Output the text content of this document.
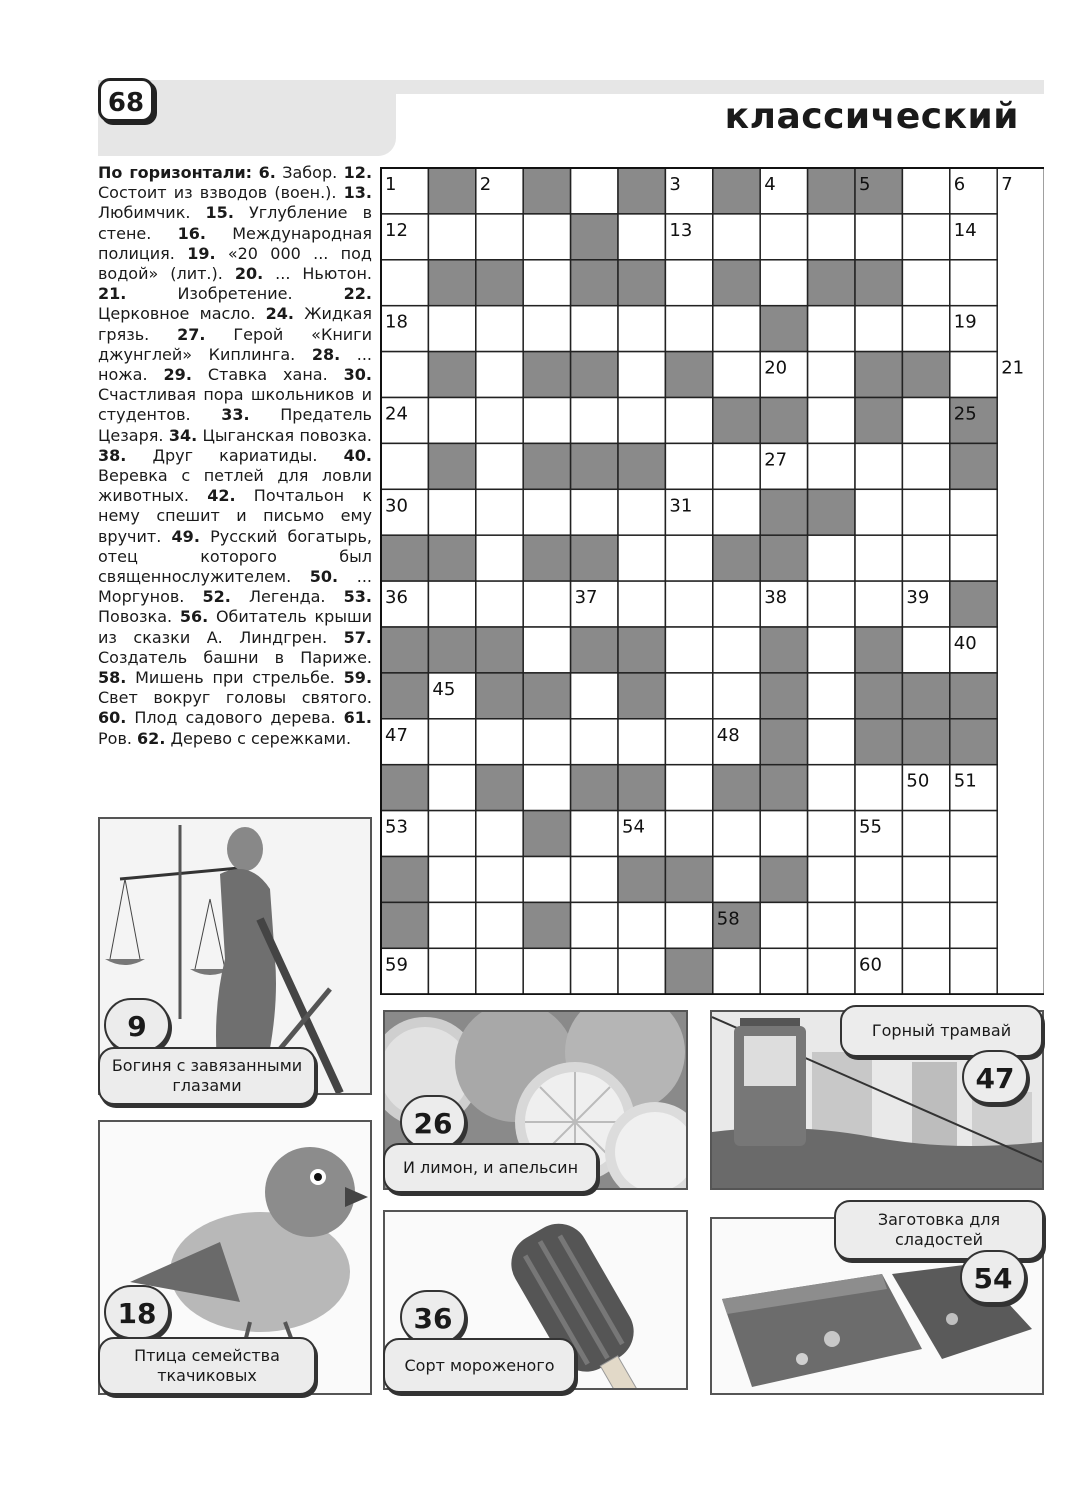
68	классический
По горизонтали: 6. Забор. 12. Состоит из взводов (воен.). 13. Любимчик. 15. Углубление в стене. 16. Международная полиция. 19. «20 000 ... под водой» (лит.). 20. ... Ньютон. 21. Изобретение.	22. Церковное масло. 24. Жидкая грязь. 27. Герой «Книги джунглей» Киплинга. 28. ... ножа. 29. Ставка хана. 30. Счастливая пора школьников и студентов. 33. Предатель Цезаря. 34. Цыганская повозка. 38. Друг кариатиды. 40. Веревка с петлей для ловли животных. 42. Почтальон к нему спешит и письмо ему вручит. 49. Русский богатырь, отец которого был священнослужителем. 50. ... Моргунов. 52. Легенда. 53. Повозка. 56. Обитатель крыши из сказки А. Линдгрен. 57. Создатель башни в Париже. 58. Мишень при стрельбе. 59. Свет вокруг головы святого. 60. Плод садового дерева. 61. Ров. 62. Дерево с сережками.
1	2	3	4	5	6 7
12	13	14
18	19
20	21
24	25
27
30	31
36	37	38	39
40
45
47	48
50 51
53	54	55
58
59	60
9
Богиня с завязанными глазами
26
И лимон, и апельсин
Горный трамвай
47
18
Птица семейства ткачиковых
36
Сорт мороженого
Заготовка для сладостей
54
